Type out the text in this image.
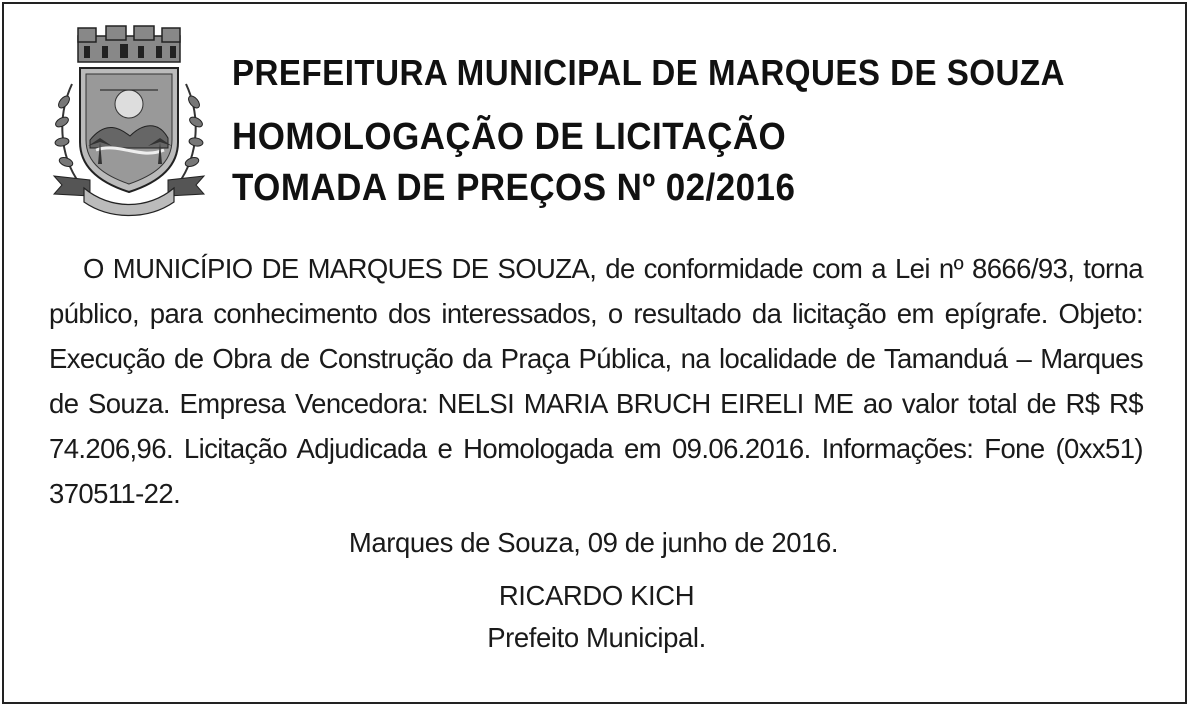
PREFEITURA MUNICIPAL DE MARQUES DE SOUZA
HOMOLOGAÇÃO DE LICITAÇÃO
TOMADA DE PREÇOS Nº 02/2016
O MUNICÍPIO DE MARQUES DE SOUZA, de conformidade com a Lei nº 8666/93, torna público, para conhecimento dos interessados, o resultado da licitação em epígrafe. Objeto: Execução de Obra de Construção da Praça Pública, na localidade de Tamanduá – Marques de Souza. Empresa Vencedora: NELSI MARIA BRUCH EIRELI ME ao valor total de R$ R$ 74.206,96. Licitação Adjudicada e Homologada em 09.06.2016. Informações: Fone (0xx51) 370511-22.
Marques de Souza, 09 de junho de 2016.
RICARDO KICH
Prefeito Municipal.
